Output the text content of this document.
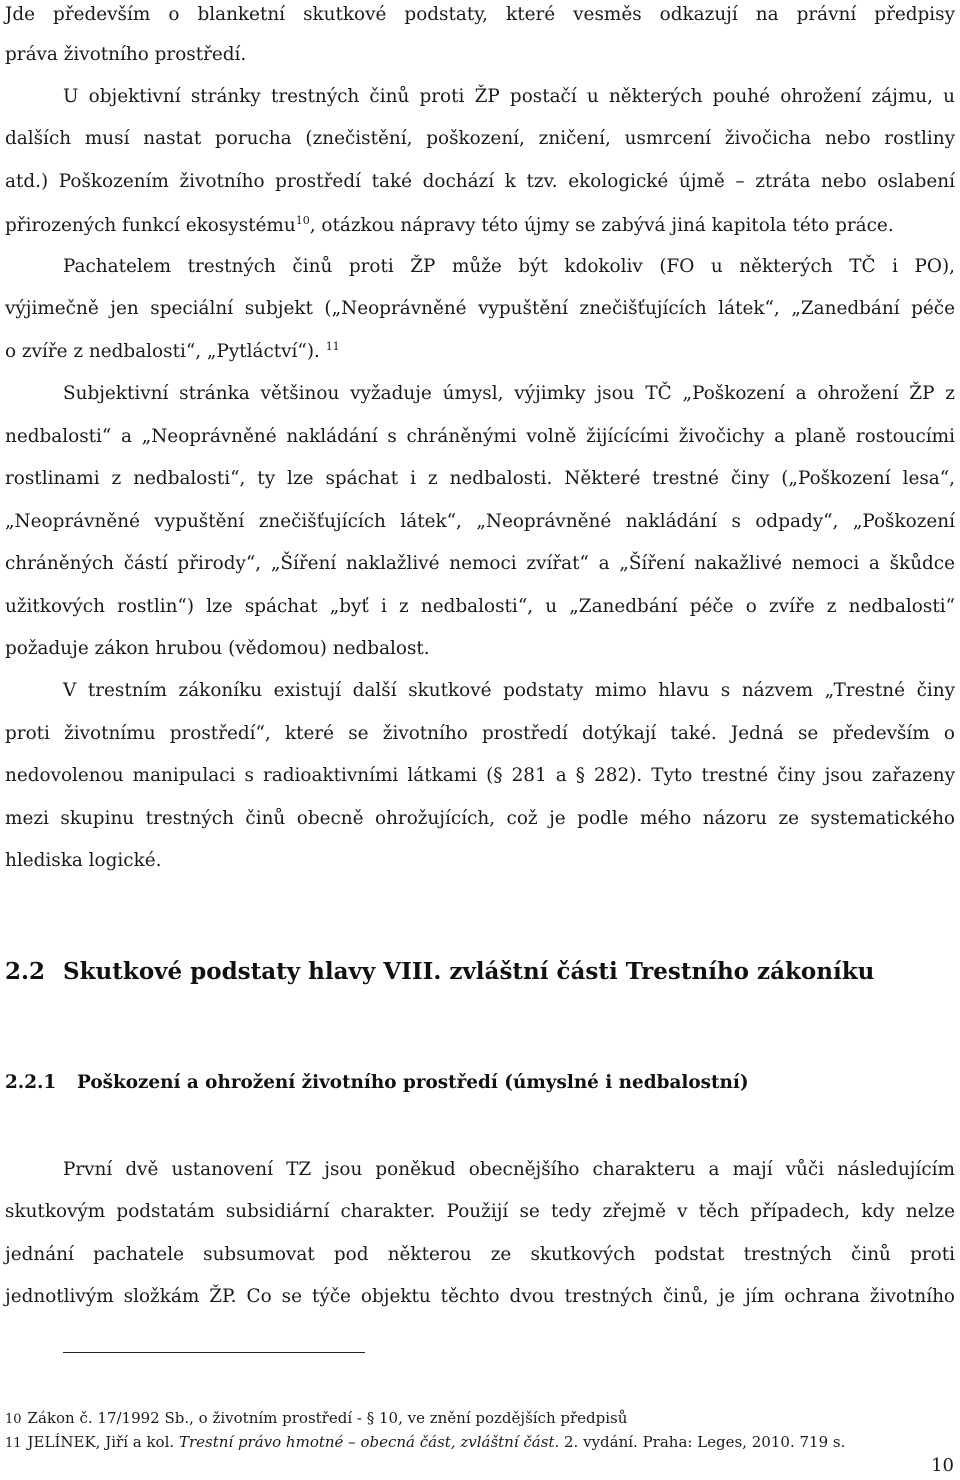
Jde především o blanketní skutkové podstaty, které vesměs odkazují na právní předpisy
práva životního prostředí.
U objektivní stránky trestných činů proti ŽP postačí u některých pouhé ohrožení zájmu, u
dalších musí nastat porucha (znečistění, poškození, zničení, usmrcení živočicha nebo rostliny
atd.) Poškozením životního prostředí také dochází k tzv. ekologické újmě – ztráta nebo oslabení
přirozených funkcí ekosystému$^{10}$, otázkou nápravy této újmy se zabývá jiná kapitola této práce.
Pachatelem trestných činů proti ŽP může být kdokoliv (FO u některých TČ i PO),
výjimečně jen speciální subjekt („Neoprávněné vypuštění znečišťujících látek“, „Zanedbání péče
o zvíře z nedbalosti“, „Pytláctví“). $^{11}$
Subjektivní stránka většinou vyžaduje úmysl, výjimky jsou TČ „Poškození a ohrožení ŽP z
nedbalosti“ a „Neoprávněné nakládání s chráněnými volně žijícícími živočichy a planě rostoucími
rostlinami z nedbalosti“, ty lze spáchat i z nedbalosti. Některé trestné činy („Poškození lesa“,
„Neoprávněné vypuštění znečišťujících látek“, „Neoprávněné nakládání s odpady“, „Poškození
chráněných částí přirody“, „Šíření naklažlivé nemoci zvířat“ a „Šíření nakažlivé nemoci a škůdce
užitkových rostlin“) lze spáchat „byť i z nedbalosti“, u „Zanedbání péče o zvíře z nedbalosti“
požaduje zákon hrubou (vědomou) nedbalost.
V trestním zákoníku existují další skutkové podstaty mimo hlavu s názvem „Trestné činy
proti životnímu prostředí“, které se životního prostředí dotýkají také. Jedná se především o
nedovolenou manipulaci s radioaktivními látkami (§ 281 a § 282). Tyto trestné činy jsou zařazeny
mezi skupinu trestných činů obecně ohrožujících, což je podle mého názoru ze systematického
hlediska logické.
2.2 Skutkové podstaty hlavy VIII. zvláštní části Trestního zákoníku
2.2.1 Poškození a ohrožení životního prostředí (úmyslné i nedbalostní)
První dvě ustanovení TZ jsou poněkud obecnějšího charakteru a mají vůči následujícím
skutkovým podstatám subsidiární charakter. Použijí se tedy zřejmě v těch případech, kdy nelze
jednání pachatele subsumovat pod některou ze skutkových podstat trestných činů proti
jednotlivým složkám ŽP. Co se týče objektu těchto dvou trestných činů, je jím ochrana životního
10 Zákon č. 17/1992 Sb., o životním prostředí - § 10, ve znění pozdějších předpisů
11 JELÍNEK, Jiří a kol. Trestní právo hmotné – obecná část, zvláštní část. 2. vydání. Praha: Leges, 2010. 719 s.
10
